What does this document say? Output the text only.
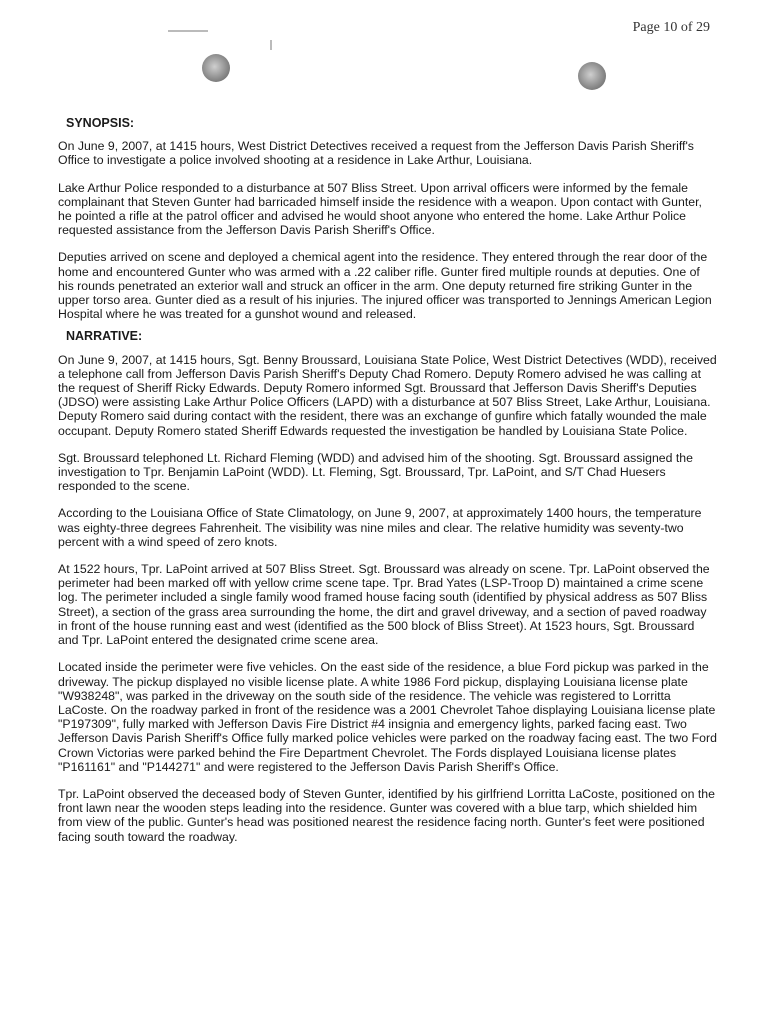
Page 10 of 29
SYNOPSIS:

On June 9, 2007, at 1415 hours, West District Detectives received a request from the Jefferson Davis Parish Sheriff's Office to investigate a police involved shooting at a residence in Lake Arthur, Louisiana.

Lake Arthur Police responded to a disturbance at 507 Bliss Street. Upon arrival officers were informed by the female complainant that Steven Gunter had barricaded himself inside the residence with a weapon. Upon contact with Gunter, he pointed a rifle at the patrol officer and advised he would shoot anyone who entered the home. Lake Arthur Police requested assistance from the Jefferson Davis Parish Sheriff's Office.

Deputies arrived on scene and deployed a chemical agent into the residence. They entered through the rear door of the home and encountered Gunter who was armed with a .22 caliber rifle. Gunter fired multiple rounds at deputies. One of his rounds penetrated an exterior wall and struck an officer in the arm. One deputy returned fire striking Gunter in the upper torso area. Gunter died as a result of his injuries. The injured officer was transported to Jennings American Legion Hospital where he was treated for a gunshot wound and released.

NARRATIVE:

On June 9, 2007, at 1415 hours, Sgt. Benny Broussard, Louisiana State Police, West District Detectives (WDD), received a telephone call from Jefferson Davis Parish Sheriff's Deputy Chad Romero. Deputy Romero advised he was calling at the request of Sheriff Ricky Edwards. Deputy Romero informed Sgt. Broussard that Jefferson Davis Sheriff's Deputies (JDSO) were assisting Lake Arthur Police Officers (LAPD) with a disturbance at 507 Bliss Street, Lake Arthur, Louisiana. Deputy Romero said during contact with the resident, there was an exchange of gunfire which fatally wounded the male occupant. Deputy Romero stated Sheriff Edwards requested the investigation be handled by Louisiana State Police.

Sgt. Broussard telephoned Lt. Richard Fleming (WDD) and advised him of the shooting. Sgt. Broussard assigned the investigation to Tpr. Benjamin LaPoint (WDD). Lt. Fleming, Sgt. Broussard, Tpr. LaPoint, and S/T Chad Huesers responded to the scene.

According to the Louisiana Office of State Climatology, on June 9, 2007, at approximately 1400 hours, the temperature was eighty-three degrees Fahrenheit. The visibility was nine miles and clear. The relative humidity was seventy-two percent with a wind speed of zero knots.

At 1522 hours, Tpr. LaPoint arrived at 507 Bliss Street. Sgt. Broussard was already on scene. Tpr. LaPoint observed the perimeter had been marked off with yellow crime scene tape. Tpr. Brad Yates (LSP-Troop D) maintained a crime scene log. The perimeter included a single family wood framed house facing south (identified by physical address as 507 Bliss Street), a section of the grass area surrounding the home, the dirt and gravel driveway, and a section of paved roadway in front of the house running east and west (identified as the 500 block of Bliss Street). At 1523 hours, Sgt. Broussard and Tpr. LaPoint entered the designated crime scene area.

Located inside the perimeter were five vehicles. On the east side of the residence, a blue Ford pickup was parked in the driveway. The pickup displayed no visible license plate. A white 1986 Ford pickup, displaying Louisiana license plate "W938248", was parked in the driveway on the south side of the residence. The vehicle was registered to Lorritta LaCoste. On the roadway parked in front of the residence was a 2001 Chevrolet Tahoe displaying Louisiana license plate "P197309", fully marked with Jefferson Davis Fire District #4 insignia and emergency lights, parked facing east. Two Jefferson Davis Parish Sheriff's Office fully marked police vehicles were parked on the roadway facing east. The two Ford Crown Victorias were parked behind the Fire Department Chevrolet. The Fords displayed Louisiana license plates "P161161" and "P144271" and were registered to the Jefferson Davis Parish Sheriff's Office.

Tpr. LaPoint observed the deceased body of Steven Gunter, identified by his girlfriend Lorritta LaCoste, positioned on the front lawn near the wooden steps leading into the residence. Gunter was covered with a blue tarp, which shielded him from view of the public. Gunter's head was positioned nearest the residence facing north. Gunter's feet were positioned facing south toward the roadway.
